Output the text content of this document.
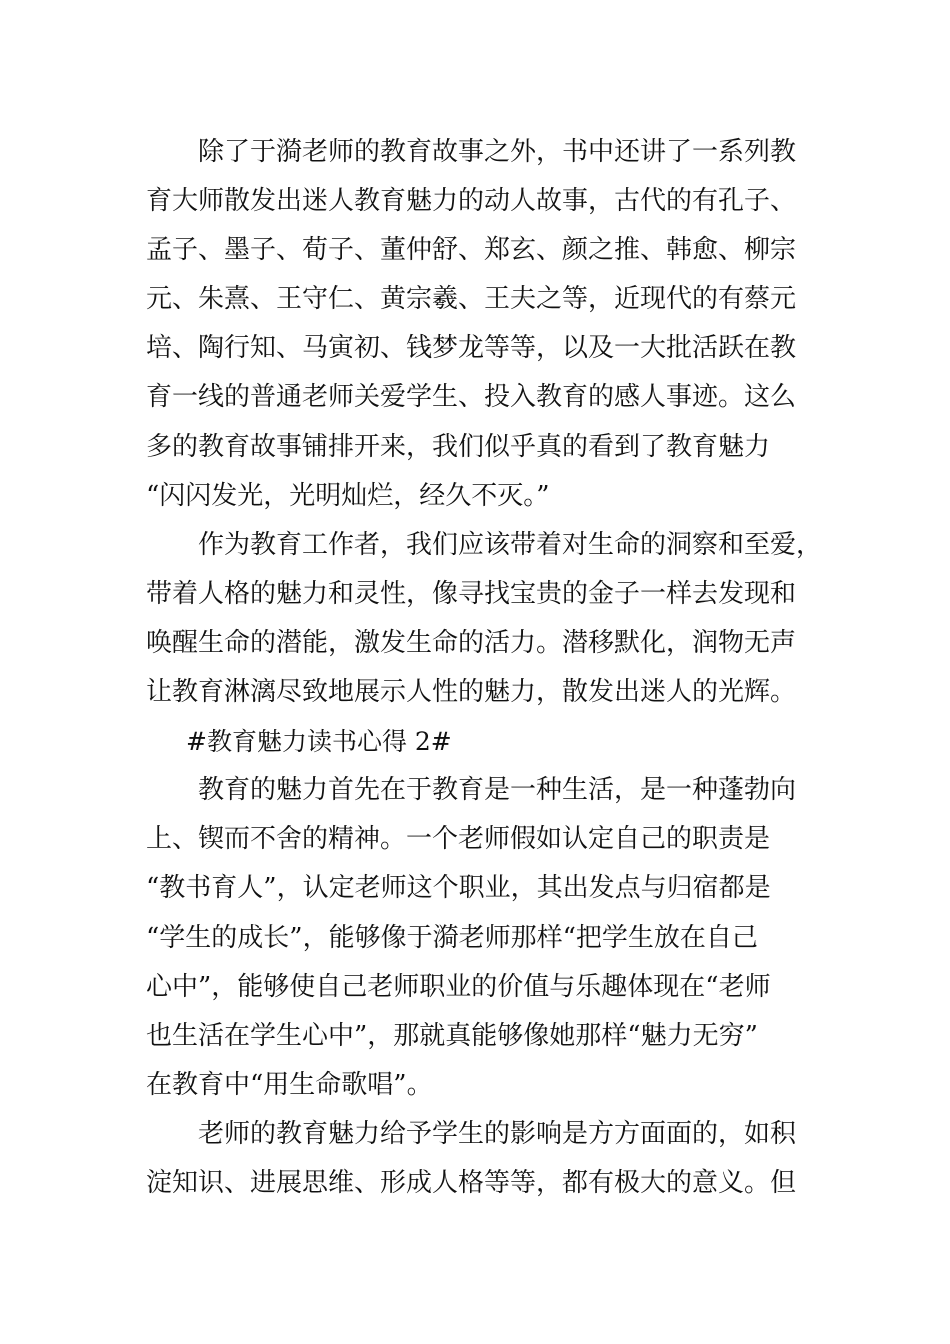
除了于漪老师的教育故事之外，书中还讲了一系列教
育大师散发出迷人教育魅力的动人故事，古代的有孔子、
孟子、墨子、荀子、董仲舒、郑玄、颜之推、韩愈、柳宗
元、朱熹、王守仁、黄宗羲、王夫之等，近现代的有蔡元
培、陶行知、马寅初、钱梦龙等等，以及一大批活跃在教
育一线的普通老师关爱学生、投入教育的感人事迹。这么
多的教育故事铺排开来，我们似乎真的看到了教育魅力
“闪闪发光，光明灿烂，经久不灭。”
作为教育工作者，我们应该带着对生命的洞察和至爱，
带着人格的魅力和灵性，像寻找宝贵的金子一样去发现和
唤醒生命的潜能，激发生命的活力。潜移默化，润物无声
让教育淋漓尽致地展示人性的魅力，散发出迷人的光辉。
#教育魅力读书心得 2#
教育的魅力首先在于教育是一种生活，是一种蓬勃向
上、锲而不舍的精神。一个老师假如认定自己的职责是
“教书育人”，认定老师这个职业，其出发点与归宿都是
“学生的成长”，能够像于漪老师那样“把学生放在自己
心中”，能够使自己老师职业的价值与乐趣体现在“老师
也生活在学生心中”，那就真能够像她那样“魅力无穷”
在教育中“用生命歌唱”。
老师的教育魅力给予学生的影响是方方面面的，如积
淀知识、进展思维、形成人格等等，都有极大的意义。但
